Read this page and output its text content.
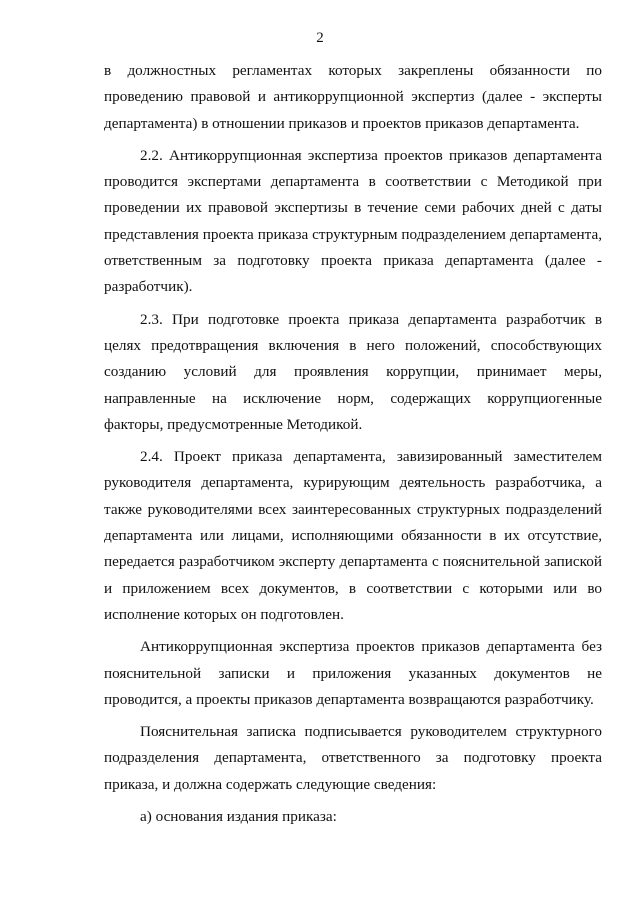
2

в должностных регламентах которых закреплены обязанности по проведению правовой и антикоррупционной экспертиз (далее - эксперты департамента) в отношении приказов и проектов приказов департамента.

2.2. Антикоррупционная экспертиза проектов приказов департамента проводится экспертами департамента в соответствии с Методикой при проведении их правовой экспертизы в течение семи рабочих дней с даты представления проекта приказа структурным подразделением департамента, ответственным за подготовку проекта приказа департамента (далее - разработчик).

2.3. При подготовке проекта приказа департамента разработчик в целях предотвращения включения в него положений, способствующих созданию условий для проявления коррупции, принимает меры, направленные на исключение норм, содержащих коррупциогенные факторы, предусмотренные Методикой.

2.4. Проект приказа департамента, завизированный заместителем руководителя департамента, курирующим деятельность разработчика, а также руководителями всех заинтересованных структурных подразделений департамента или лицами, исполняющими обязанности в их отсутствие, передается разработчиком эксперту департамента с пояснительной запиской и приложением всех документов, в соответствии с которыми или во исполнение которых он подготовлен.

Антикоррупционная экспертиза проектов приказов департамента без пояснительной записки и приложения указанных документов не проводится, а проекты приказов департамента возвращаются разработчику.

Пояснительная записка подписывается руководителем структурного подразделения департамента, ответственного за подготовку проекта приказа, и должна содержать следующие сведения:

а) основания издания приказа:
